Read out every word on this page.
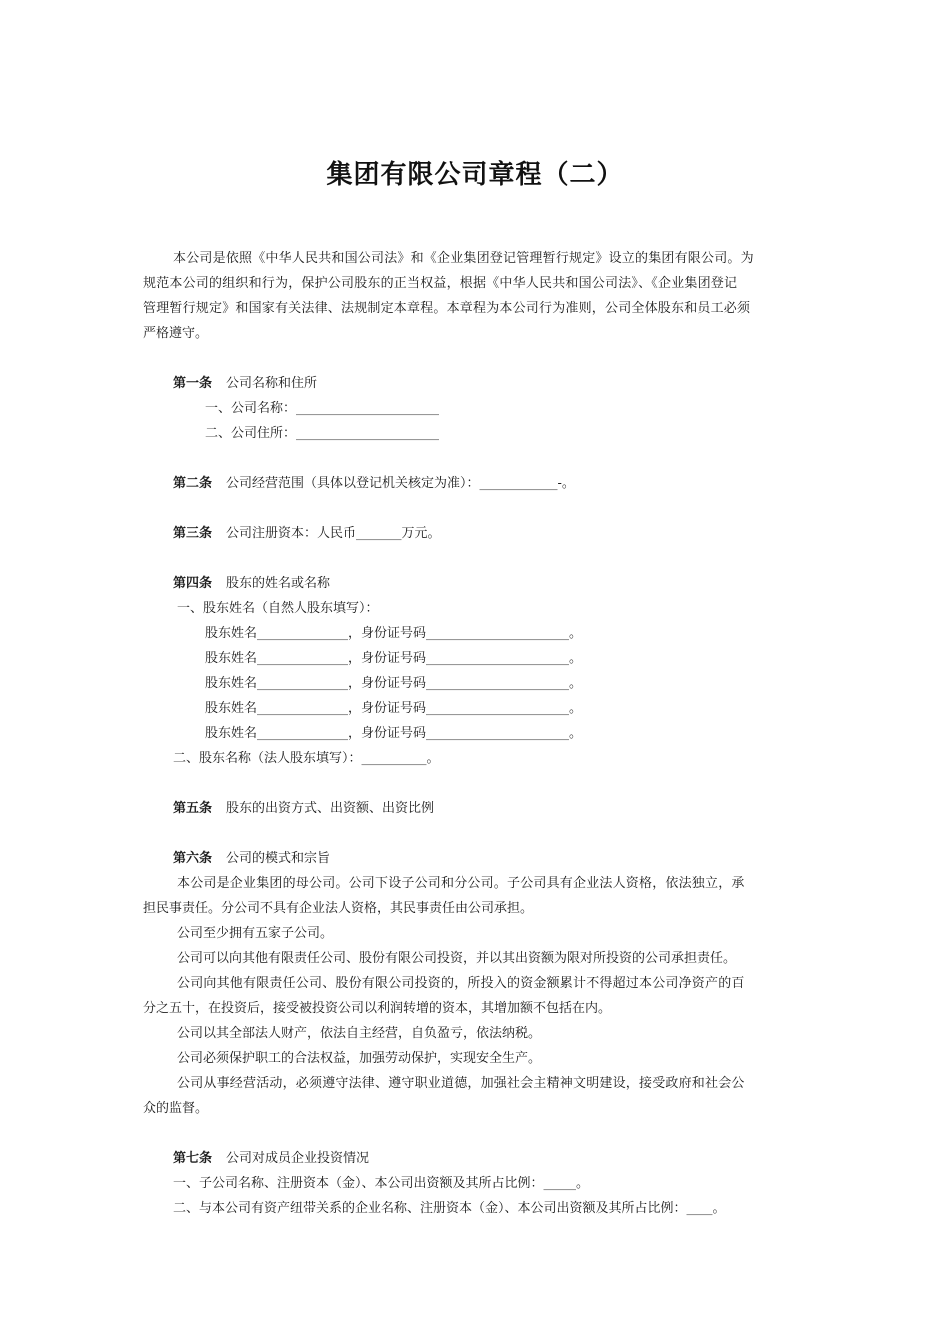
集团有限公司章程（二）
本公司是依照《中华人民共和国公司法》和《企业集团登记管理暂行规定》设立的集团有限公司。为
规范本公司的组织和行为，保护公司股东的正当权益，根据《中华人民共和国公司法》、《企业集团登记
管理暂行规定》和国家有关法律、法规制定本章程。本章程为本公司行为准则，公司全体股东和员工必须
严格遵守。
第一条 公司名称和住所
一、公司名称：______________________
二、公司住所：______________________
第二条 公司经营范围（具体以登记机关核定为准）：____________-。
第三条 公司注册资本：人民币_______万元。
第四条 股东的姓名或名称
一、股东姓名（自然人股东填写）：
股东姓名______________，身份证号码______________________。
股东姓名______________，身份证号码______________________。
股东姓名______________，身份证号码______________________。
股东姓名______________，身份证号码______________________。
股东姓名______________，身份证号码______________________。
二、股东名称（法人股东填写）：__________。
第五条 股东的出资方式、出资额、出资比例
第六条 公司的模式和宗旨
本公司是企业集团的母公司。公司下设子公司和分公司。子公司具有企业法人资格，依法独立，承
担民事责任。分公司不具有企业法人资格，其民事责任由公司承担。
公司至少拥有五家子公司。
公司可以向其他有限责任公司、股份有限公司投资，并以其出资额为限对所投资的公司承担责任。
公司向其他有限责任公司、股份有限公司投资的，所投入的资金额累计不得超过本公司净资产的百
分之五十，在投资后，接受被投资公司以利润转增的资本，其增加额不包括在内。
公司以其全部法人财产，依法自主经营，自负盈亏，依法纳税。
公司必须保护职工的合法权益，加强劳动保护，实现安全生产。
公司从事经营活动，必须遵守法律、遵守职业道德，加强社会主精神文明建设，接受政府和社会公
众的监督。
第七条 公司对成员企业投资情况
一、子公司名称、注册资本（金）、本公司出资额及其所占比例：_____。
二、与本公司有资产纽带关系的企业名称、注册资本（金）、本公司出资额及其所占比例：____。
